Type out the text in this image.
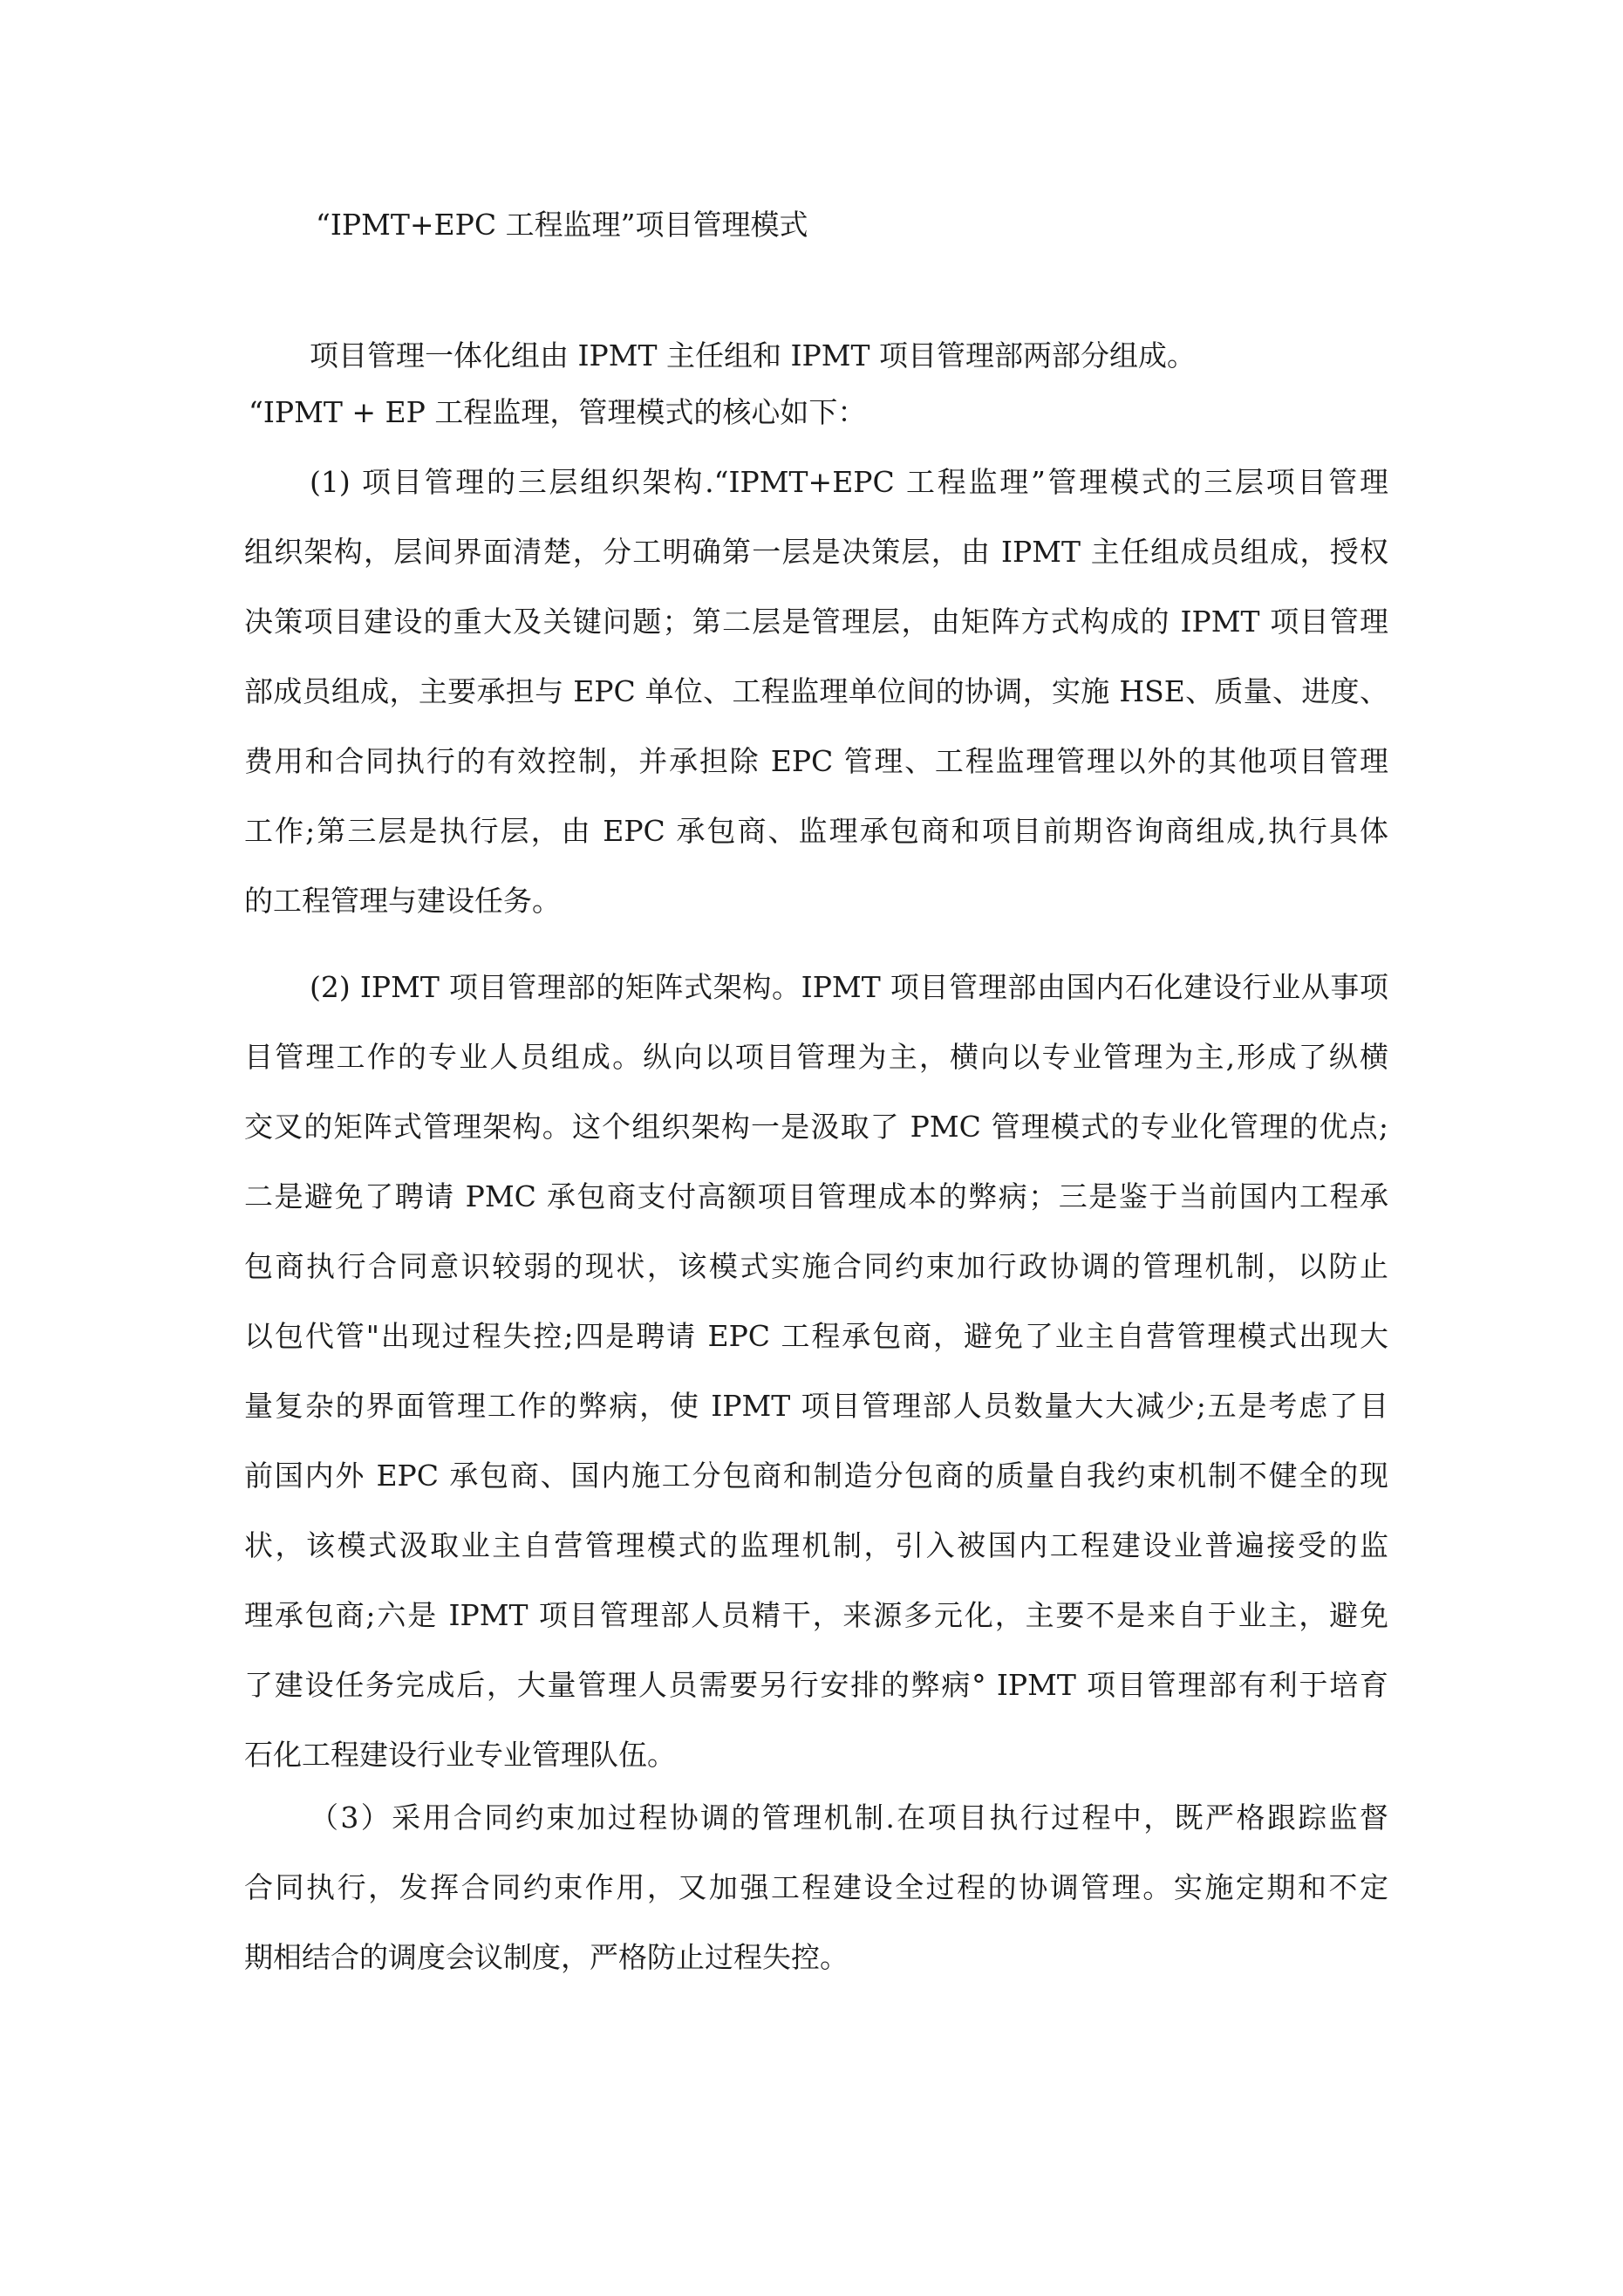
“IPMT+EPC 工程监理”项目管理模式
项目管理一体化组由 IPMT 主任组和 IPMT 项目管理部两部分组成。
“IPMT + EP 工程监理，管理模式的核心如下：
(1) 项目管理的三层组织架构.“IPMT+EPC 工程监理”管理模式的三层项目管理
组织架构，层间界面清楚，分工明确第一层是决策层，由 IPMT 主任组成员组成，授权
决策项目建设的重大及关键问题；第二层是管理层，由矩阵方式构成的 IPMT 项目管理
部成员组成，主要承担与 EPC 单位、工程监理单位间的协调，实施 HSE、质量、进度、
费用和合同执行的有效控制，并承担除 EPC 管理、工程监理管理以外的其他项目管理
工作;第三层是执行层，由 EPC 承包商、监理承包商和项目前期咨询商组成,执行具体
的工程管理与建设任务。
(2) IPMT 项目管理部的矩阵式架构。IPMT 项目管理部由国内石化建设行业从事项
目管理工作的专业人员组成。纵向以项目管理为主，横向以专业管理为主,形成了纵横
交叉的矩阵式管理架构。这个组织架构一是汲取了 PMC 管理模式的专业化管理的优点;
二是避免了聘请 PMC 承包商支付高额项目管理成本的弊病；三是鉴于当前国内工程承
包商执行合同意识较弱的现状，该模式实施合同约束加行政协调的管理机制，以防止
以包代管"出现过程失控;四是聘请 EPC 工程承包商，避免了业主自营管理模式出现大
量复杂的界面管理工作的弊病，使 IPMT 项目管理部人员数量大大减少;五是考虑了目
前国内外 EPC 承包商、国内施工分包商和制造分包商的质量自我约束机制不健全的现
状，该模式汲取业主自营管理模式的监理机制，引入被国内工程建设业普遍接受的监
理承包商;六是 IPMT 项目管理部人员精干，来源多元化，主要不是来自于业主，避免
了建设任务完成后，大量管理人员需要另行安排的弊病° IPMT 项目管理部有利于培育
石化工程建设行业专业管理队伍。
（3）采用合同约束加过程协调的管理机制.在项目执行过程中，既严格跟踪监督
合同执行，发挥合同约束作用，又加强工程建设全过程的协调管理。实施定期和不定
期相结合的调度会议制度，严格防止过程失控。
